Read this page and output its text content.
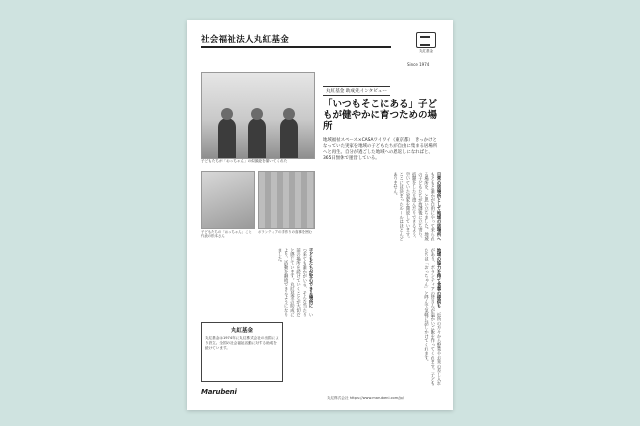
社会福祉法人丸紅基金
丸紅基金
Since 1974
子どもたちが「おっちゃん」の似顔絵を描いてくれた
子どもたちの「おっちゃん」こと代表の松本さん
ボランティアの手作りの食事を囲む
丸紅基金 助成先インタビュー
「いつもそこにある」子どもが健やかに育つための場所
地域福祉スペース×CASAワイワイ（東京都）　きっかけとなっていた実家を地域の子どもたちが自由に集まる居場所へと再生。自分が過ごした地域への恩返しになればと、365日無休で運営している。
日常の居場所として地域の居場所へ　もともと誰かが自由にやって来られる場所を、と思い立ちました。地域の子どもたちが放課後に立ち寄り、宿題をしたり遊んだりできるよう、空いていた実家を開放しています。ここには決まったルールはほとんどありません。
地域の協力を得て食事の提供も　近所の方々から野菜やお米の差し入れがあり、ボランティアの皆さんが温かいご飯を作ってくれます。子どもたちは「おっちゃん」と呼んで気軽に話しかけてくれます。
子どもたちが安心できる場所に　いつ来ても誰かがいる、そんな当たり前の場所を続けていくことが大切だと感じています。丸紅基金の助成により、活動を継続できるようになりました。
丸紅基金
丸紅基金は1974年に丸紅株式会社の出捐により設立。全国の社会福祉活動に対する助成を続けています。
Marubeni
丸紅株式会社 https://www.marubeni.com/jp/
